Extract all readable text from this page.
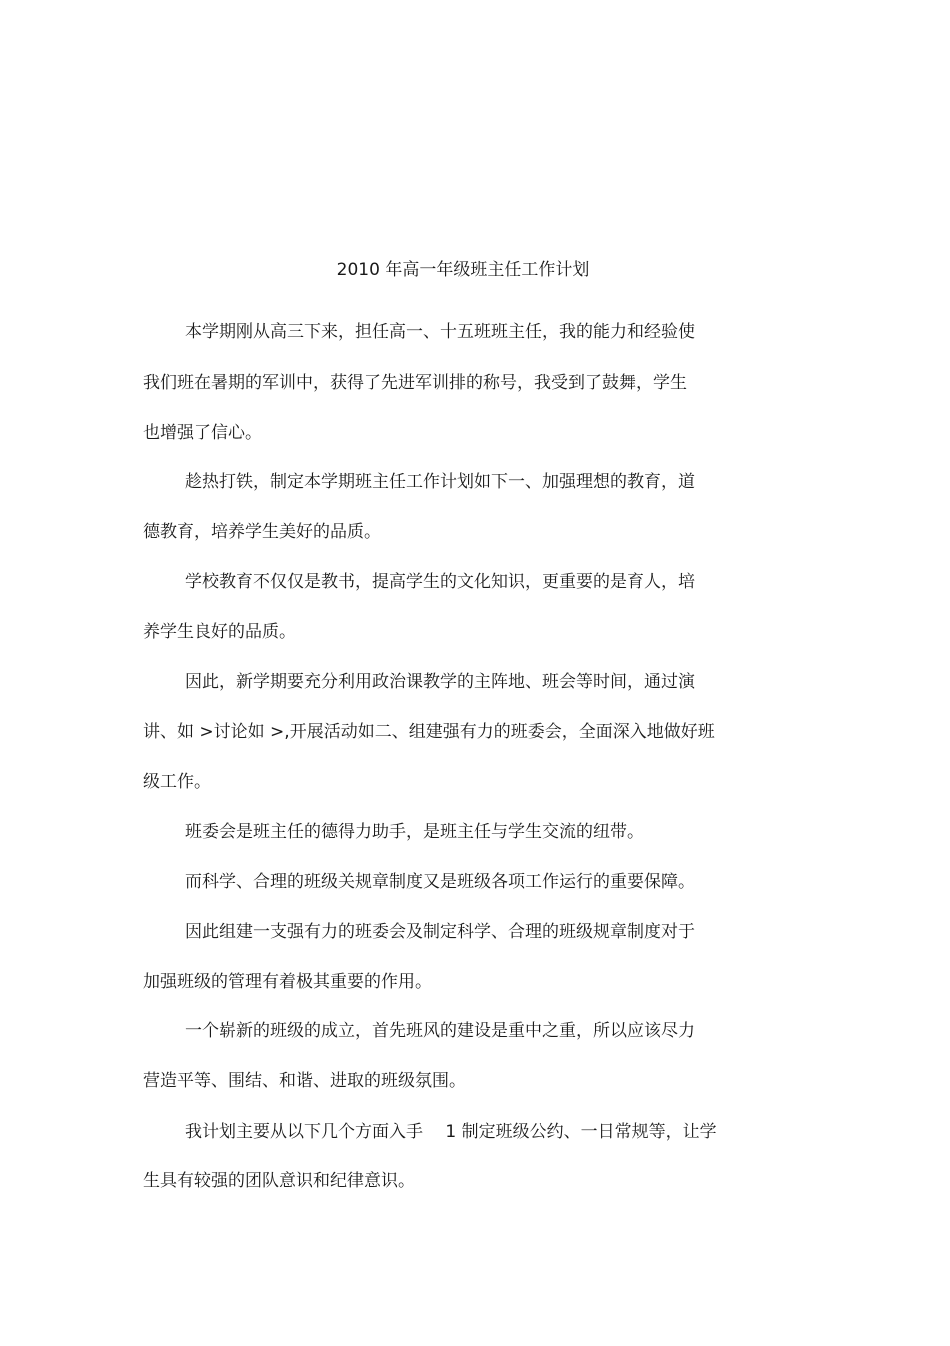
2010 年高一年级班主任工作计划
本学期刚从高三下来，担任高一、十五班班主任，我的能力和经验使
我们班在暑期的军训中，获得了先进军训排的称号，我受到了鼓舞，学生
也增强了信心。
趁热打铁，制定本学期班主任工作计划如下一、加强理想的教育，道
德教育，培养学生美好的品质。
学校教育不仅仅是教书，提高学生的文化知识，更重要的是育人，培
养学生良好的品质。
因此，新学期要充分利用政治课教学的主阵地、班会等时间，通过演
讲、如 >讨论如 >,开展活动如二、组建强有力的班委会，全面深入地做好班
级工作。
班委会是班主任的德得力助手，是班主任与学生交流的纽带。
而科学、合理的班级关规章制度又是班级各项工作运行的重要保障。
因此组建一支强有力的班委会及制定科学、合理的班级规章制度对于
加强班级的管理有着极其重要的作用。
一个崭新的班级的成立，首先班风的建设是重中之重，所以应该尽力
营造平等、围结、和谐、进取的班级氛围。
我计划主要从以下几个方面入手　 1 制定班级公约、一日常规等，让学
生具有较强的团队意识和纪律意识。
